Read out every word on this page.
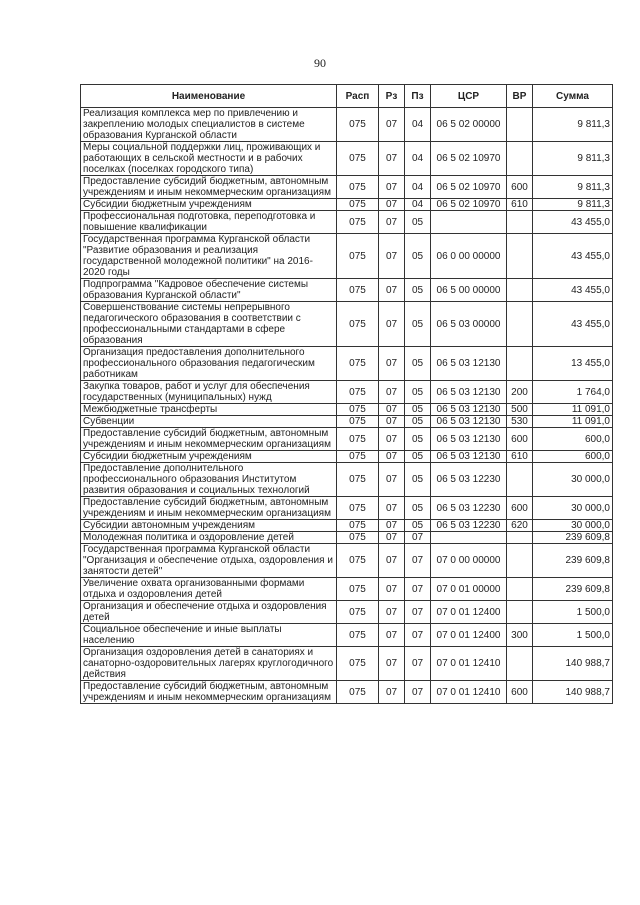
90
Наименование	Расп	Рз	Пз	ЦСР	ВР	Сумма
Реализация комплекса мер по привлечению и закреплению молодых специалистов в системе образования Курганской области	075	07	04	06 5 02 00000		9 811,3
Меры социальной поддержки лиц, проживающих и работающих в сельской местности и в рабочих поселках (поселках городского типа)	075	07	04	06 5 02 10970		9 811,3
Предоставление субсидий бюджетным, автономным учреждениям и иным некоммерческим организациям	075	07	04	06 5 02 10970	600	9 811,3
Субсидии бюджетным учреждениям	075	07	04	06 5 02 10970	610	9 811,3
Профессиональная подготовка, переподготовка и повышение квалификации	075	07	05			43 455,0
Государственная программа Курганской области "Развитие образования и реализация государственной молодежной политики" на 2016-2020 годы	075	07	05	06 0 00 00000		43 455,0
Подпрограмма "Кадровое обеспечение системы образования Курганской области"	075	07	05	06 5 00 00000		43 455,0
Совершенствование системы непрерывного педагогического образования в соответствии с профессиональными стандартами в сфере образования	075	07	05	06 5 03 00000		43 455,0
Организация предоставления дополнительного профессионального образования педагогическим работникам	075	07	05	06 5 03 12130		13 455,0
Закупка товаров, работ и услуг для обеспечения государственных (муниципальных) нужд	075	07	05	06 5 03 12130	200	1 764,0
Межбюджетные трансферты	075	07	05	06 5 03 12130	500	11 091,0
Субвенции	075	07	05	06 5 03 12130	530	11 091,0
Предоставление субсидий бюджетным, автономным учреждениям и иным некоммерческим организациям	075	07	05	06 5 03 12130	600	600,0
Субсидии бюджетным учреждениям	075	07	05	06 5 03 12130	610	600,0
Предоставление дополнительного профессионального образования Институтом развития образования и социальных технологий	075	07	05	06 5 03 12230		30 000,0
Предоставление субсидий бюджетным, автономным учреждениям и иным некоммерческим организациям	075	07	05	06 5 03 12230	600	30 000,0
Субсидии автономным учреждениям	075	07	05	06 5 03 12230	620	30 000,0
Молодежная политика и оздоровление детей	075	07	07			239 609,8
Государственная программа Курганской области "Организация и обеспечение отдыха, оздоровления и занятости детей"	075	07	07	07 0 00 00000		239 609,8
Увеличение охвата организованными формами отдыха и оздоровления детей	075	07	07	07 0 01 00000		239 609,8
Организация и обеспечение отдыха и оздоровления детей	075	07	07	07 0 01 12400		1 500,0
Социальное обеспечение и иные выплаты населению	075	07	07	07 0 01 12400	300	1 500,0
Организация оздоровления детей в санаториях и санаторно-оздоровительных лагерях круглогодичного действия	075	07	07	07 0 01 12410		140 988,7
Предоставление субсидий бюджетным, автономным учреждениям и иным некоммерческим организациям	075	07	07	07 0 01 12410	600	140 988,7
